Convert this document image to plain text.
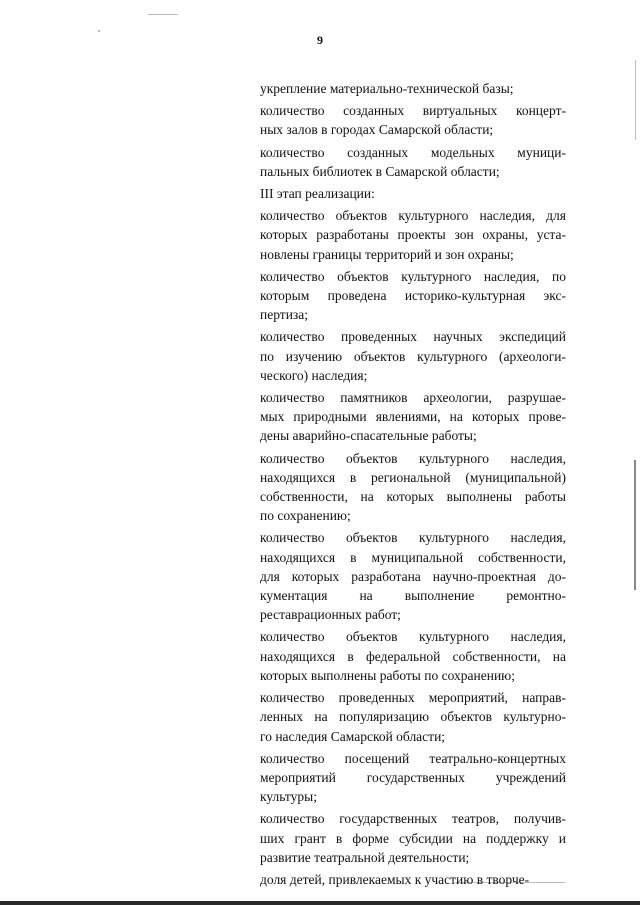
9

укрепление материально-технической базы;

количество созданных виртуальных концерт-
ных залов в городах Самарской области;

количество созданных модельных муници-
пальных библиотек в Самарской области;

III этап реализации:

количество объектов культурного наследия, для
которых разработаны проекты зон охраны, уста-
новлены границы территорий и зон охраны;

количество объектов культурного наследия, по
которым проведена историко-культурная экс-
пертиза;

количество проведенных научных экспедиций
по изучению объектов культурного (археологи-
ческого) наследия;

количество памятников археологии, разрушае-
мых природными явлениями, на которых прове-
дены аварийно-спасательные работы;

количество объектов культурного наследия,
находящихся в региональной (муниципальной)
собственности, на которых выполнены работы
по сохранению;

количество объектов культурного наследия,
находящихся в муниципальной собственности,
для которых разработана научно-проектная до-
кументация на выполнение ремонтно-
реставрационных работ;

количество объектов культурного наследия,
находящихся в федеральной собственности, на
которых выполнены работы по сохранению;

количество проведенных мероприятий, направ-
ленных на популяризацию объектов культурно-
го наследия Самарской области;

количество посещений театрально-концертных
мероприятий государственных учреждений
культуры;

количество государственных театров, получив-
ших грант в форме субсидии на поддержку и
развитие театральной деятельности;

доля детей, привлекаемых к участию в творче-
